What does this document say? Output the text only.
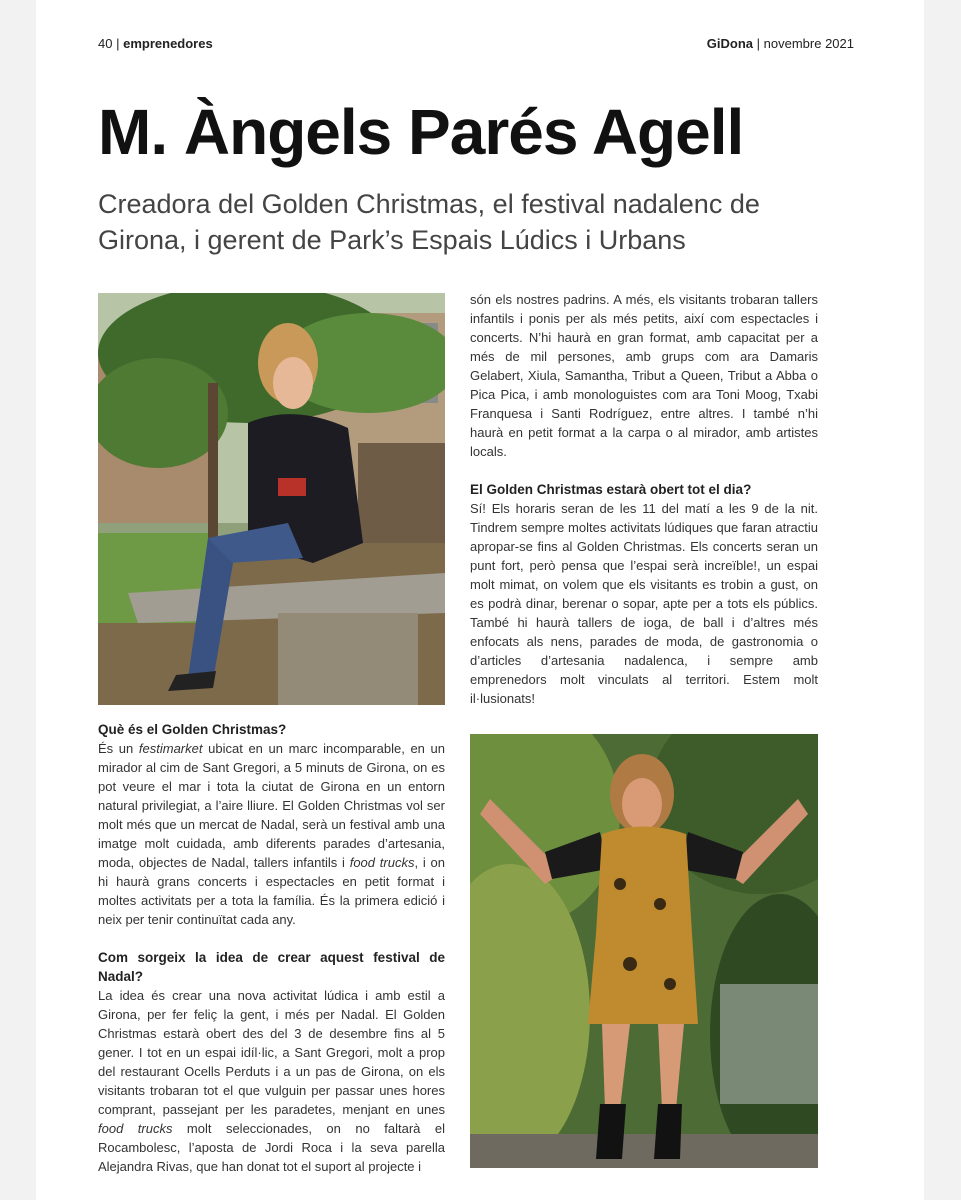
40 | emprenedores	GiDona | novembre 2021
M. Àngels Parés Agell
Creadora del Golden Christmas, el festival nadalenc de Girona, i gerent de Park’s Espais Lúdics i Urbans

són els nostres padrins. A més, els visitants trobaran tallers infantils i ponis per als més petits, així com espectacles i concerts. N’hi haurà en gran format, amb capacitat per a més de mil persones, amb grups com ara Damaris Gelabert, Xiula, Samantha, Tribut a Queen, Tribut a Abba o Pica Pica, i amb monologuistes com ara Toni Moog, Txabi Franquesa i Santi Rodríguez, entre altres. I també n’hi haurà en petit format a la carpa o al mirador, amb artistes locals.

El Golden Christmas estarà obert tot el dia?

Sí! Els horaris seran de les 11 del matí a les 9 de la nit. Tindrem sempre moltes activitats lúdiques que faran atractiu apropar-se fins al Golden Christmas. Els concerts seran un punt fort, però pensa que l’espai serà increïble!, un espai molt mimat, on volem que els visitants es trobin a gust, on es podrà dinar, berenar o sopar, apte per a tots els públics. També hi haurà tallers de ioga, de ball i d’altres més enfocats als nens, parades de moda, de gastronomia o d’articles d’artesania nadalenca, i sempre amb emprenedors molt vinculats al territori. Estem molt il·lusionats!

Què és el Golden Christmas?

És un festimarket ubicat en un marc incomparable, en un mirador al cim de Sant Gregori, a 5 minuts de Girona, on es pot veure el mar i tota la ciutat de Girona en un entorn natural privilegiat, a l’aire lliure. El Golden Christmas vol ser molt més que un mercat de Nadal, serà un festival amb una imatge molt cuidada, amb diferents parades d’artesania, moda, objectes de Nadal, tallers infantils i food trucks, i on hi haurà grans concerts i espectacles en petit format i moltes activitats per a tota la família. És la primera edició i neix per tenir continuïtat cada any.

Com sorgeix la idea de crear aquest festival de Nadal?

La idea és crear una nova activitat lúdica i amb estil a Girona, per fer feliç la gent, i més per Nadal. El Golden Christmas estarà obert des del 3 de desembre fins al 5 gener. I tot en un espai idíl·lic, a Sant Gregori, molt a prop del restaurant Ocells Perduts i a un pas de Girona, on els visitants trobaran tot el que vulguin per passar unes hores comprant, passejant per les paradetes, menjant en unes food trucks molt seleccionades, on no faltarà el Rocambolesc, l’aposta de Jordi Roca i la seva parella Alejandra Rivas, que han donat tot el suport al projecte i
